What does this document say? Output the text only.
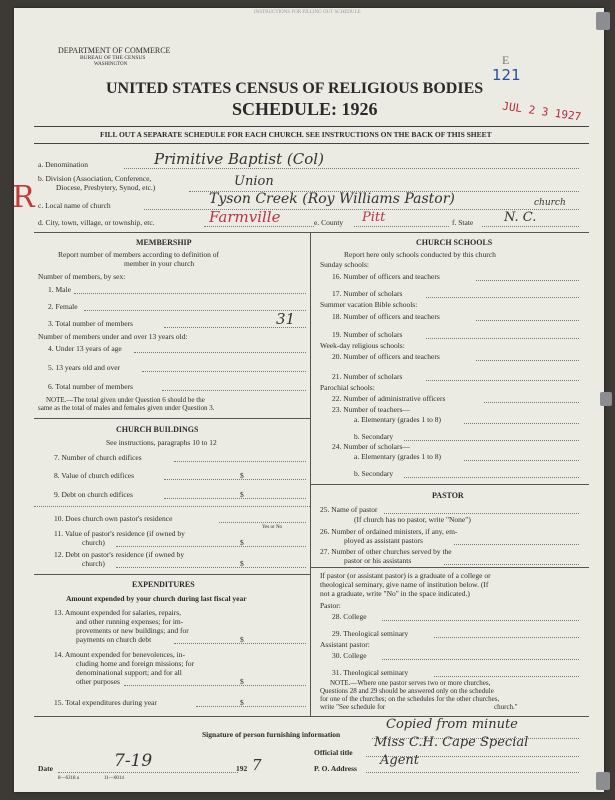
INSTRUCTIONS FOR FILLING OUT SCHEDULE
DEPARTMENT OF COMMERCE
BUREAU OF THE CENSUS
WASHINGTON
UNITED STATES CENSUS OF RELIGIOUS BODIES
SCHEDULE: 1926
121
JUL 2 3 1927
E
FILL OUT A SEPARATE SCHEDULE FOR EACH CHURCH. SEE INSTRUCTIONS ON THE BACK OF THIS SHEET
R
a. Denomination	Primitive Baptist (Col)
b. Division (Association, Conference,
Diocese, Presbytery, Synod, etc.)	Union
c. Local name of church	Tyson Creek (Roy Williams Pastor)	church
d. City, town, village, or township, etc.	Farmville	e. County Pitt	f. State N. C.
MEMBERSHIP
Report number of members according to definition of
member in your church
Number of members, by sex:
1. Male
2. Female
3. Total number of members	31
Number of members under and over 13 years old:
4. Under 13 years of age
5. 13 years old and over
6. Total number of members
NOTE.—The total given under Question 6 should be the
same as the total of males and females given under Question 3.
CHURCH BUILDINGS
See instructions, paragraphs 10 to 12
7. Number of church edifices
8. Value of church edifices	$
9. Debt on church edifices	$
10. Does church own pastor's residence
Yes or No
11. Value of pastor's residence (if owned by
church)	$
12. Debt on pastor's residence (if owned by
church)	$
EXPENDITURES
Amount expended by your church during last fiscal year
13. Amount expended for salaries, repairs,
and other running expenses; for im-
provements or new buildings; and for
payments on church debt	$
14. Amount expended for benevolences, in-
cluding home and foreign missions; for
denominational support; and for all
other purposes	$
15. Total expenditures during year	$
CHURCH SCHOOLS
Report here only schools conducted by this church
Sunday schools:
16. Number of officers and teachers
17. Number of scholars
Summer vacation Bible schools:
18. Number of officers and teachers
19. Number of scholars
Week-day religious schools:
20. Number of officers and teachers
21. Number of scholars
Parochial schools:
22. Number of administrative officers
23. Number of teachers—
a. Elementary (grades 1 to 8)
b. Secondary
24. Number of scholars—
a. Elementary (grades 1 to 8)
b. Secondary
PASTOR
25. Name of pastor
(If church has no pastor, write "None")
26. Number of ordained ministers, if any, em-
ployed as assistant pastors
27. Number of other churches served by the
pastor or his assistants
If pastor (or assistant pastor) is a graduate of a college or
theological seminary, give name of institution below. (If
not a graduate, write "No" in the space indicated.)
Pastor:
28. College
29. Theological seminary
Assistant pastor:
30. College
31. Theological seminary
NOTE.—Where one pastor serves two or more churches,
Questions 28 and 29 should be answered only on the schedule
for one of the churches; on the schedules for the other churches,
write "See schedule for	church."
Signature of person furnishing information
Copied from minute
Official title
Miss C.H. Cape Special
Date	7-19	192 7	P. O. Address
Agent
8—6318 a	11—6014
